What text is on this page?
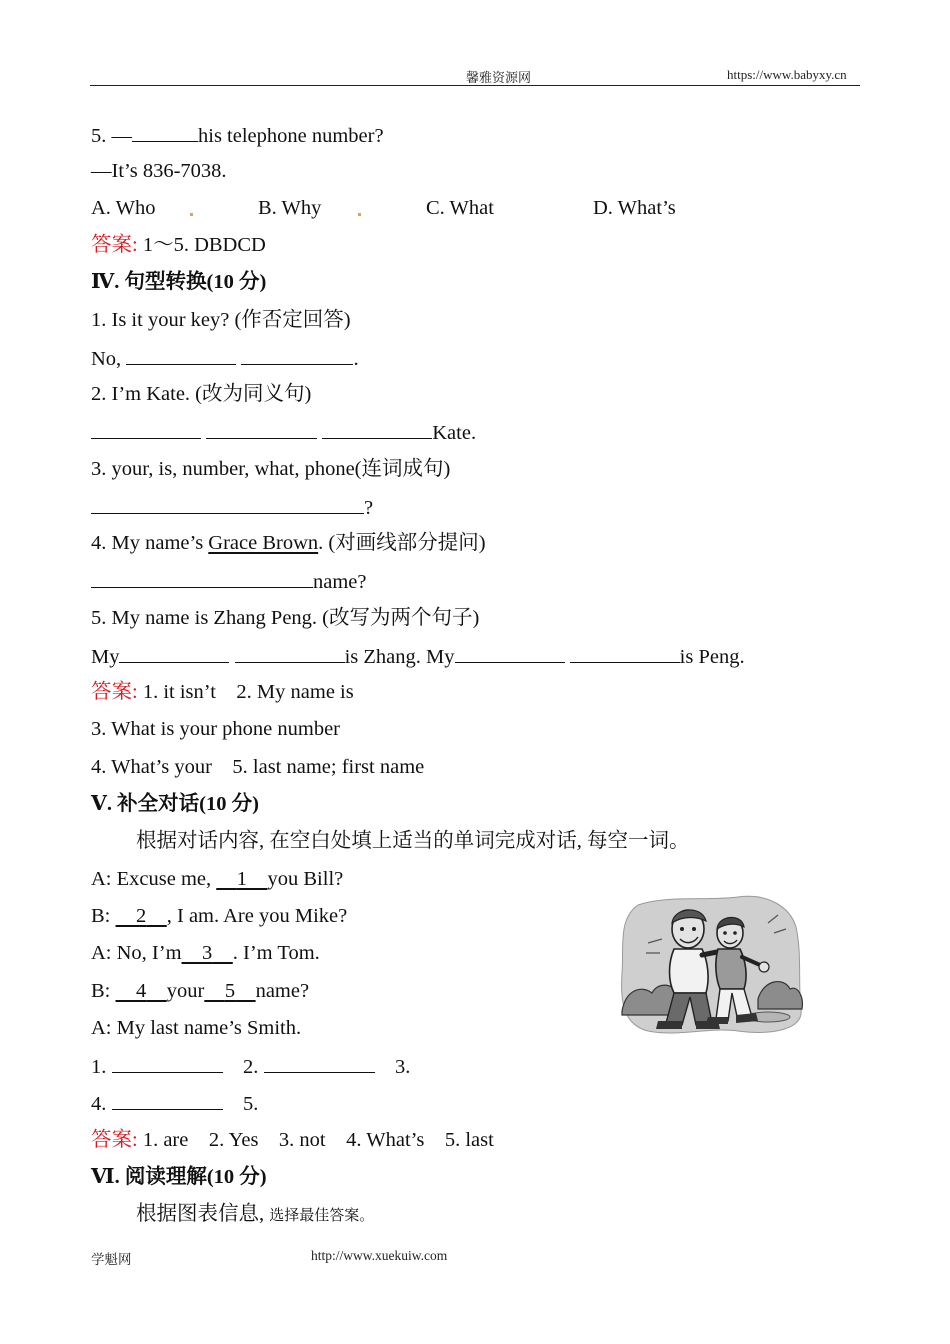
馨雅资源网	https://www.babyxy.cn
5. —	his telephone number?
—It’s 836-7038.
A. Who	B. Why	C. What	D. What’s
答案: 1～5. DBDCD
Ⅳ. 句型转换(10 分)
1. Is it your key? (作否定回答)
No,	.
2. I’m Kate. (改为同义句)
Kate.
3. your, is, number, what, phone(连词成句)
?
4. My name’s Grace Brown. (对画线部分提问)
name?
5. My name is Zhang Peng. (改写为两个句子)
My	is Zhang. My	is Peng.
答案: 1. it isn’t    2. My name is
3. What is your phone number
4. What’s your    5. last name; first name
Ⅴ. 补全对话(10 分)
根据对话内容, 在空白处填上适当的单词完成对话, 每空一词。
A: Excuse me,     1 you Bill?
B:     2 , I am. Are you Mike?
A: No, I’m 3 . I’m Tom.
B:     4 your 5 name?
A: My last name’s Smith.
1.	2.	3.
4.	5.
答案: 1. are    2. Yes    3. not    4. What’s    5. last
Ⅵ. 阅读理解(10 分)
根据图表信息, 选择最佳答案。
学魁网	http://www.xuekuiw.com
